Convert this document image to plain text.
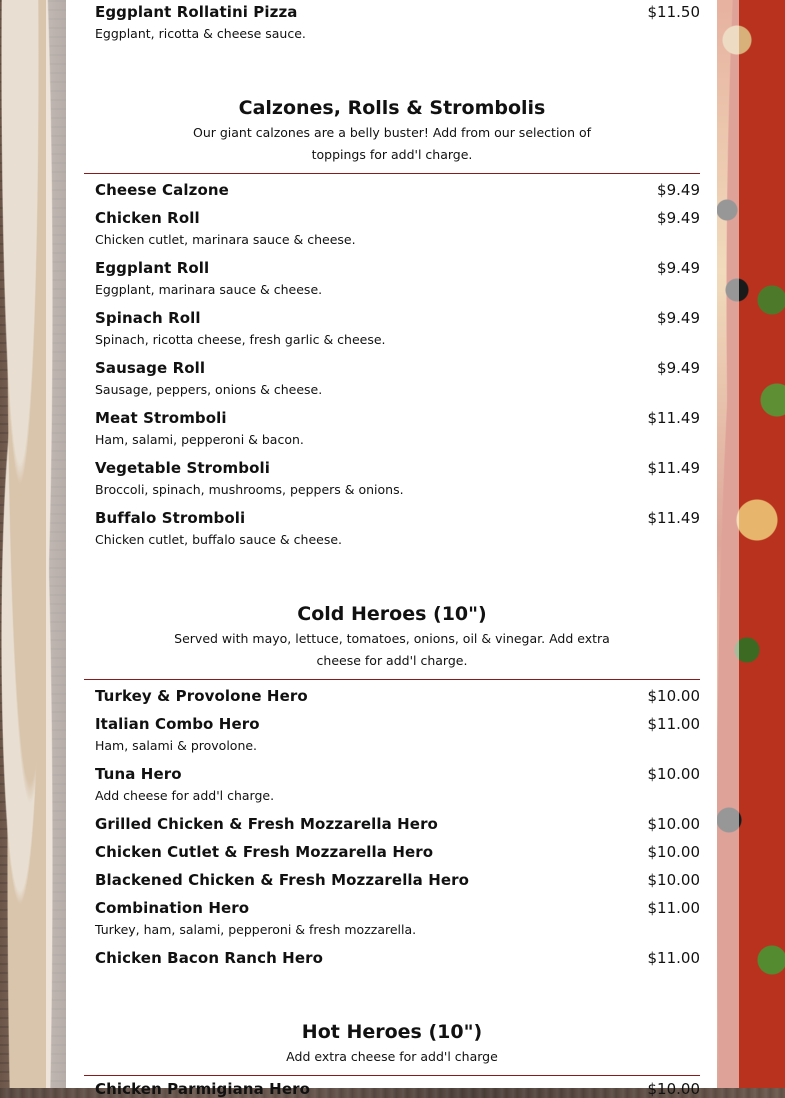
Eggplant Rollatini Pizza	$11.50
Eggplant, ricotta & cheese sauce.
Calzones, Rolls & Strombolis
Our giant calzones are a belly buster! Add from our selection of toppings for add'l charge.
Cheese Calzone	$9.49
Chicken Roll	$9.49
Chicken cutlet, marinara sauce & cheese.
Eggplant Roll	$9.49
Eggplant, marinara sauce & cheese.
Spinach Roll	$9.49
Spinach, ricotta cheese, fresh garlic & cheese.
Sausage Roll	$9.49
Sausage, peppers, onions & cheese.
Meat Stromboli	$11.49
Ham, salami, pepperoni & bacon.
Vegetable Stromboli	$11.49
Broccoli, spinach, mushrooms, peppers & onions.
Buffalo Stromboli	$11.49
Chicken cutlet, buffalo sauce & cheese.
Cold Heroes (10")
Served with mayo, lettuce, tomatoes, onions, oil & vinegar. Add extra cheese for add'l charge.
Turkey & Provolone Hero	$10.00
Italian Combo Hero	$11.00
Ham, salami & provolone.
Tuna Hero	$10.00
Add cheese for add'l charge.
Grilled Chicken & Fresh Mozzarella Hero	$10.00
Chicken Cutlet & Fresh Mozzarella Hero	$10.00
Blackened Chicken & Fresh Mozzarella Hero	$10.00
Combination Hero	$11.00
Turkey, ham, salami, pepperoni & fresh mozzarella.
Chicken Bacon Ranch Hero	$11.00
Hot Heroes (10")
Add extra cheese for add'l charge
Chicken Parmigiana Hero	$10.00
